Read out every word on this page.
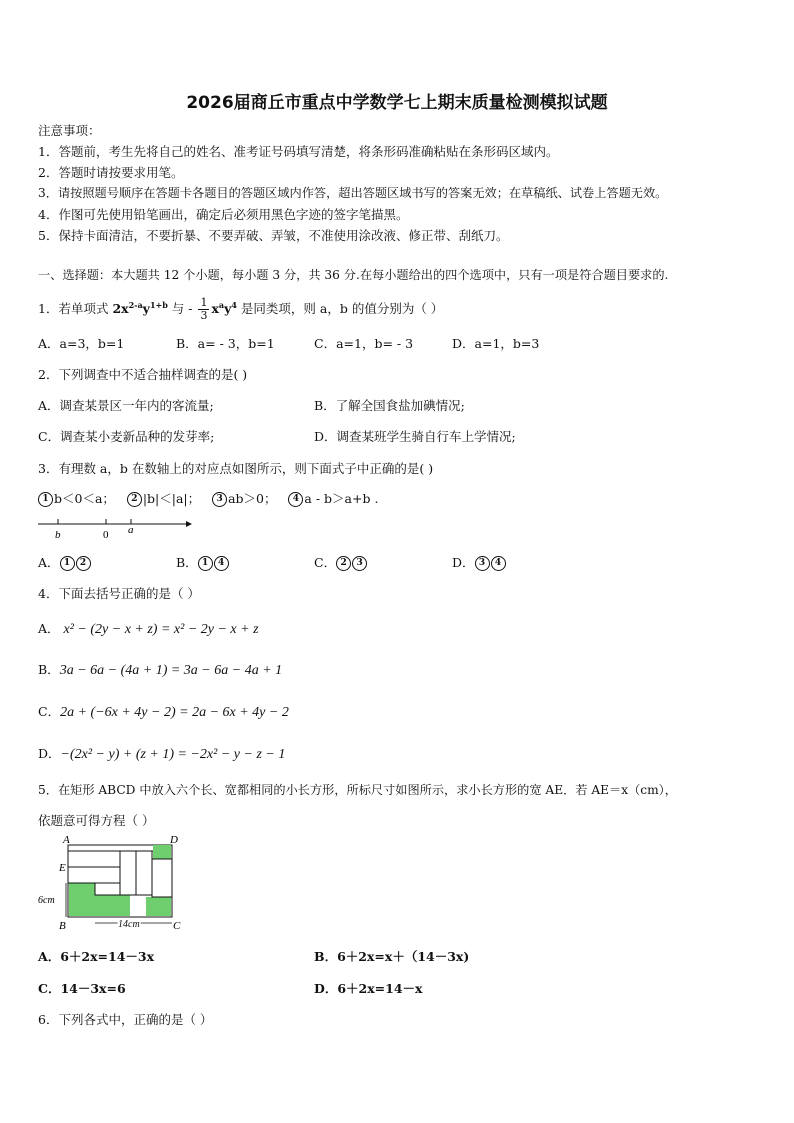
2026届商丘市重点中学数学七上期末质量检测模拟试题
注意事项：
1．答题前，考生先将自己的姓名、准考证号码填写清楚，将条形码准确粘贴在条形码区域内。
2．答题时请按要求用笔。
3．请按照题号顺序在答题卡各题目的答题区域内作答，超出答题区域书写的答案无效；在草稿纸、试卷上答题无效。
4．作图可先使用铅笔画出，确定后必须用黑色字迹的签字笔描黑。
5．保持卡面清洁，不要折暴、不要弄破、弄皱，不准使用涂改液、修正带、刮纸刀。
一、选择题：本大题共 12 个小题，每小题 3 分，共 36 分.在每小题给出的四个选项中，只有一项是符合题目要求的.
1．若单项式 $2x^{2-a}y^{1+b}$ 与 - $\frac{1}{3} x^ay^4$ 是同类项，则 a，b 的值分别为（ ）
A．a=3，b=1	B．a= - 3，b=1	C．a=1，b= - 3	D．a=1，b=3
2．下列调查中不适合抽样调查的是( )
A．调查某景区一年内的客流量;	B．了解全国食盐加碘情况;
C．调查某小麦新品种的发芽率;	D．调查某班学生骑自行车上学情况;
3．有理数 a，b 在数轴上的对应点如图所示，则下面式子中正确的是( )
1 b＜0＜a； 2 |b|＜|a|； 3 ab＞0； 4 a - b＞a+b .
b	0 a
A． 1 2	B． 1 4	C． 2 3	D． 3 4
4．下面去括号正确的是（ ）
A． x² − (2y − x + z) = x² − 2y − x + z
B．3a − 6a − (4a + 1) = 3a − 6a − 4a + 1
C．2a + (−6x + 4y − 2) = 2a − 6x + 4y − 2
D．−(2x² − y) + (z + 1) = −2x² − y − z − 1
5．在矩形 ABCD 中放入六个长、宽都相同的小长方形，所标尺寸如图所示，求小长方形的宽 AE．若 AE＝x（cm），
依题意可得方程（ ）
A	D
E
B	C
6cm
14cm
A．6＋2x=14－3x	B．6＋2x=x＋（14－3x)
C．14－3x=6	D．6＋2x=14－x
6．下列各式中，正确的是（ ）
